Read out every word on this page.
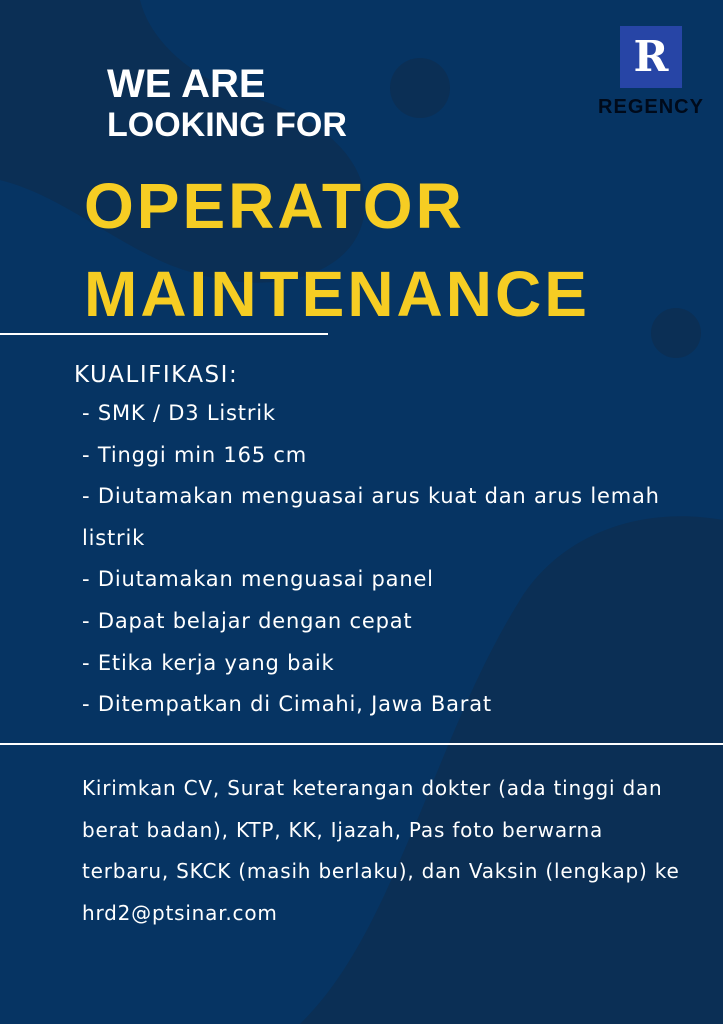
R
REGENCY
WE ARE
LOOKING FOR
OPERATOR
MAINTENANCE
KUALIFIKASI:
- SMK / D3 Listrik
- Tinggi min 165 cm
- Diutamakan menguasai arus kuat dan arus lemah listrik
- Diutamakan menguasai panel
- Dapat belajar dengan cepat
- Etika kerja yang baik
- Ditempatkan di Cimahi, Jawa Barat

Kirimkan CV, Surat keterangan dokter (ada tinggi dan berat badan), KTP, KK, Ijazah, Pas foto berwarna terbaru, SKCK (masih berlaku), dan Vaksin (lengkap) ke hrd2@ptsinar.com
